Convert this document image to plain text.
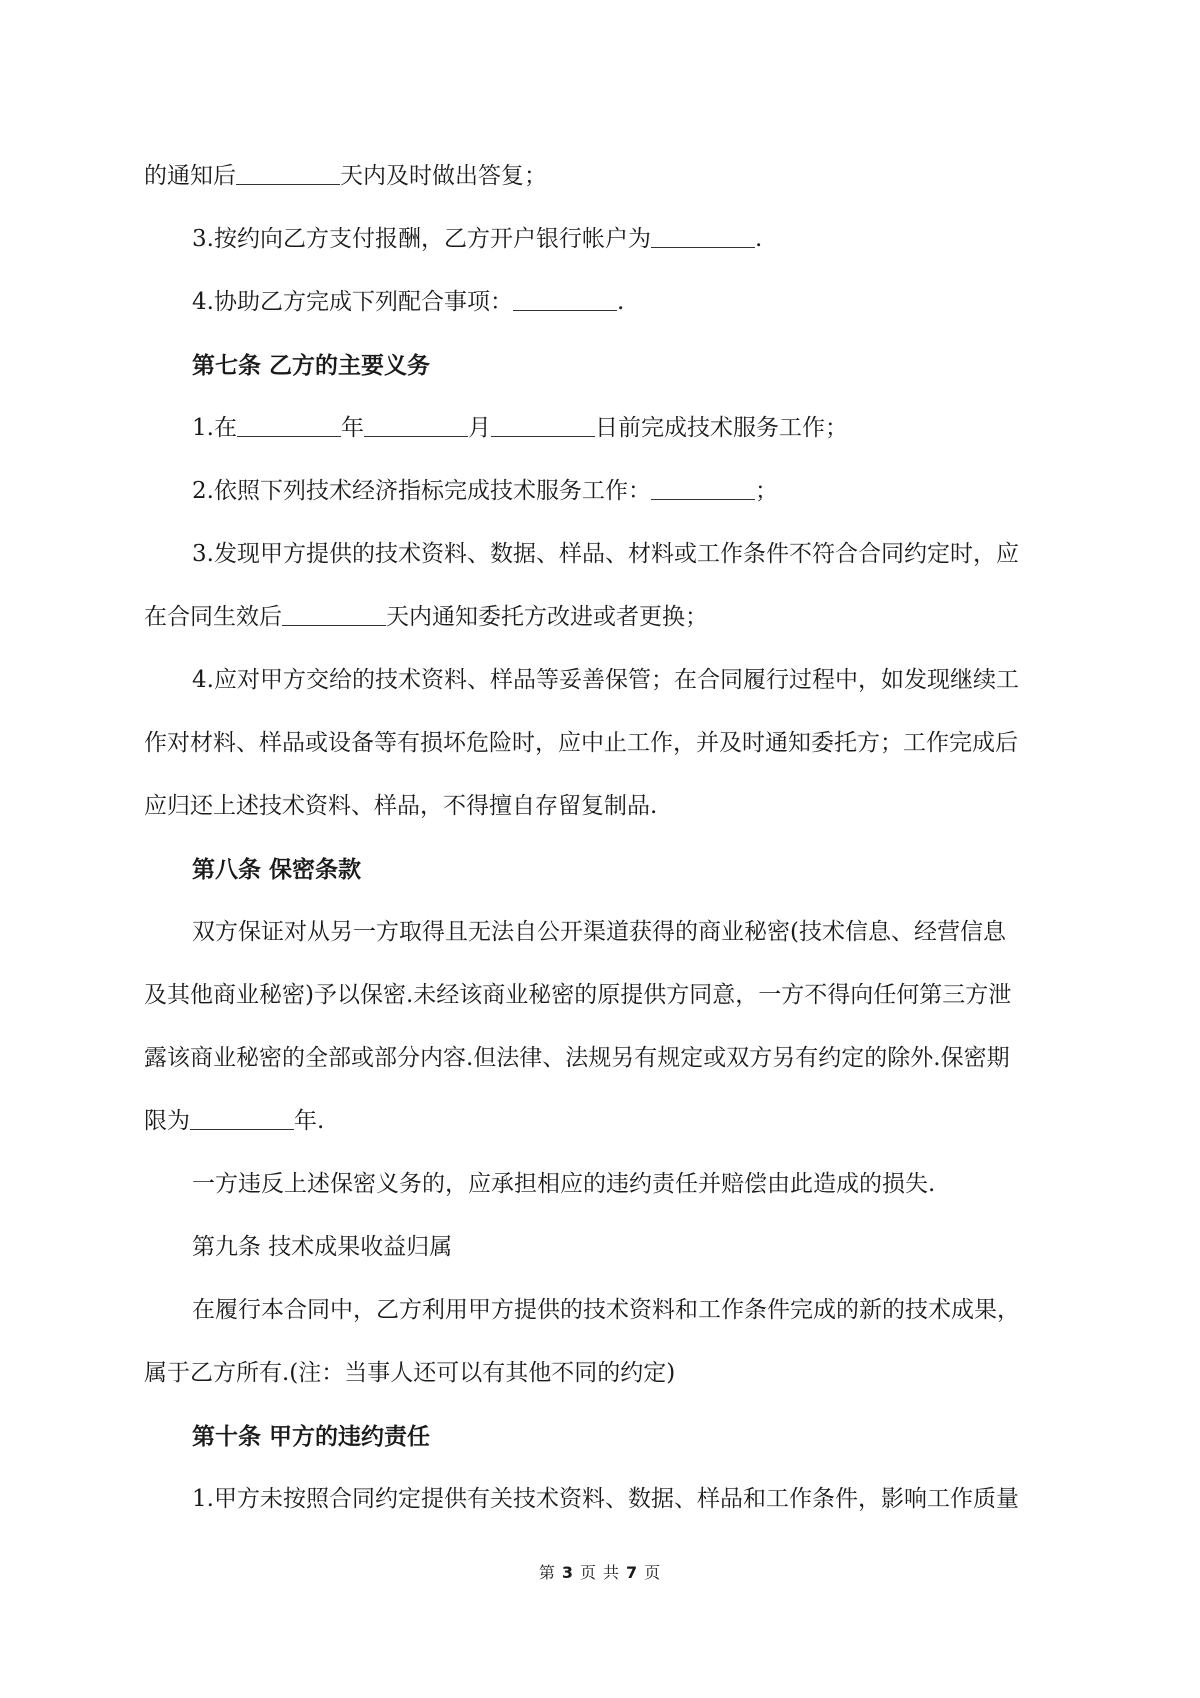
的通知后	天内及时做出答复；
3.按约向乙方支付报酬，乙方开户银行帐户为	.
4.协助乙方完成下列配合事项：	.
第七条 乙方的主要义务
1.在	年	月	日前完成技术服务工作；
2.依照下列技术经济指标完成技术服务工作：	；
3.发现甲方提供的技术资料、数据、样品、材料或工作条件不符合合同约定时，应
在合同生效后	天内通知委托方改进或者更换；
4.应对甲方交给的技术资料、样品等妥善保管；在合同履行过程中，如发现继续工
作对材料、样品或设备等有损坏危险时，应中止工作，并及时通知委托方；工作完成后
应归还上述技术资料、样品，不得擅自存留复制品.
第八条 保密条款
双方保证对从另一方取得且无法自公开渠道获得的商业秘密(技术信息、经营信息
及其他商业秘密)予以保密.未经该商业秘密的原提供方同意，一方不得向任何第三方泄
露该商业秘密的全部或部分内容.但法律、法规另有规定或双方另有约定的除外.保密期
限为	年.
一方违反上述保密义务的，应承担相应的违约责任并赔偿由此造成的损失.
第九条 技术成果收益归属
在履行本合同中，乙方利用甲方提供的技术资料和工作条件完成的新的技术成果，
属于乙方所有.(注：当事人还可以有其他不同的约定)
第十条 甲方的违约责任
1.甲方未按照合同约定提供有关技术资料、数据、样品和工作条件，影响工作质量
第 3 页 共 7 页
